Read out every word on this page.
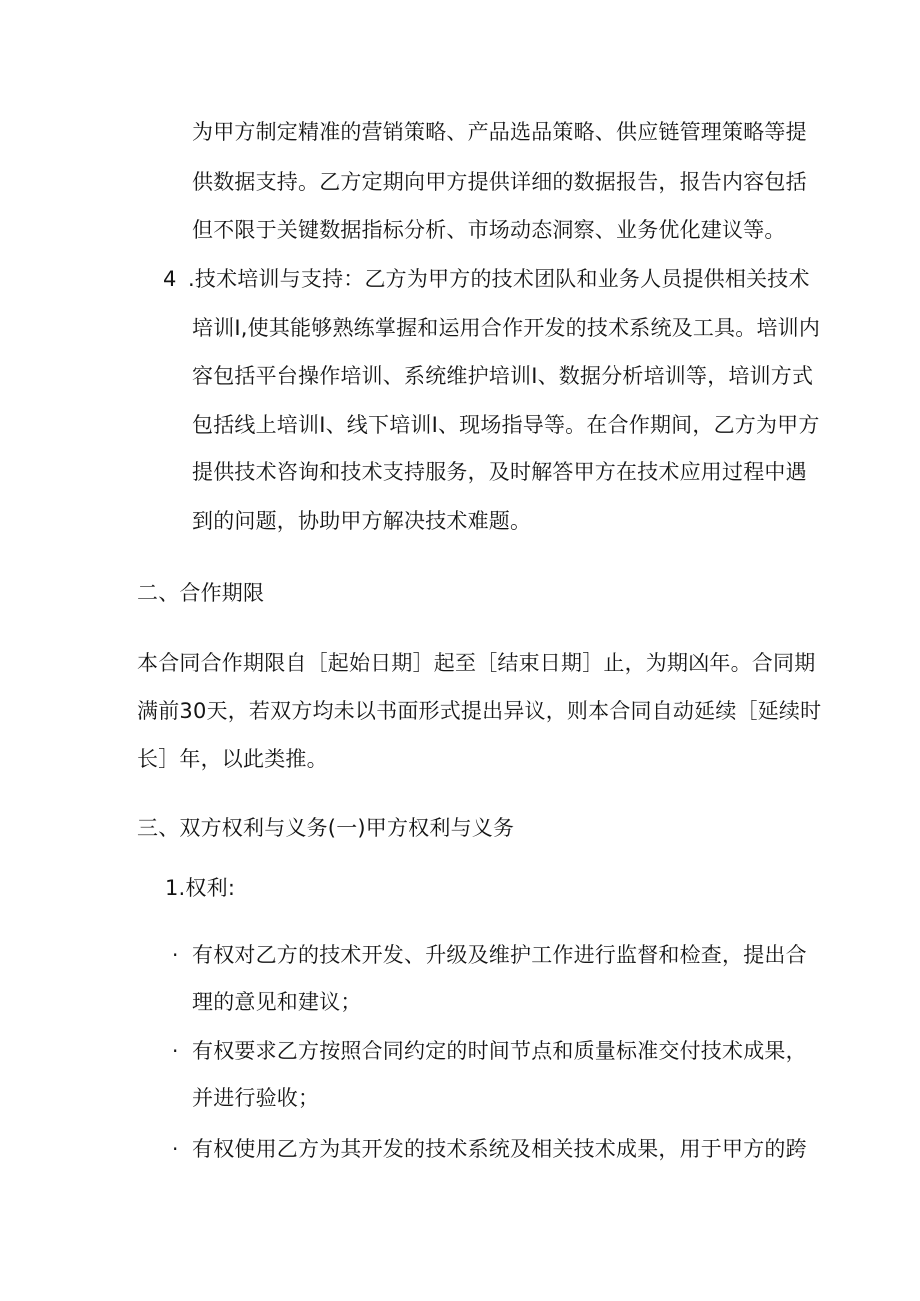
为甲方制定精准的营销策略、产品选品策略、供应链管理策略等提
供数据支持。乙方定期向甲方提供详细的数据报告，报告内容包括
但不限于关键数据指标分析、市场动态洞察、业务优化建议等。
4 .技术培训与支持：乙方为甲方的技术团队和业务人员提供相关技术
培训I,使其能够熟练掌握和运用合作开发的技术系统及工具。培训内
容包括平台操作培训、系统维护培训I、数据分析培训等，培训方式
包括线上培训I、线下培训I、现场指导等。在合作期间，乙方为甲方
提供技术咨询和技术支持服务，及时解答甲方在技术应用过程中遇
到的问题，协助甲方解决技术难题。
二、合作期限
本合同合作期限自［起始日期］起至［结束日期］止，为期凶年。合同期
满前30天，若双方均未以书面形式提出异议，则本合同自动延续［延续时
长］年，以此类推。
三、双方权利与义务(一)甲方权利与义务
1.权利:
· 有权对乙方的技术开发、升级及维护工作进行监督和检查，提出合
理的意见和建议；
· 有权要求乙方按照合同约定的时间节点和质量标准交付技术成果，
并进行验收；
· 有权使用乙方为其开发的技术系统及相关技术成果，用于甲方的跨
